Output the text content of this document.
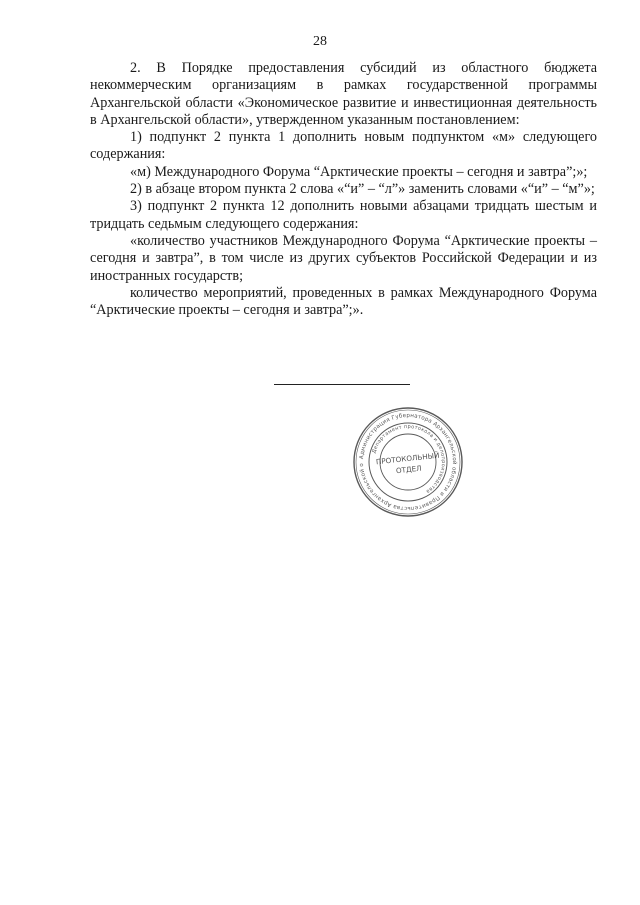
28

2. В Порядке предоставления субсидий из областного бюджета некоммерческим организациям в рамках государственной программы Архангельской области «Экономическое развитие и инвестиционная деятельность в Архангельской области», утвержденном указанным постановлением:

1) подпункт 2 пункта 1 дополнить новым подпунктом «м» следующего содержания:

«м) Международного Форума “Арктические проекты – сегодня и завтра”;»;

2) в абзаце втором пункта 2 слова «“и” – “л”» заменить словами «“и” – “м”»;

3) подпункт 2 пункта 12 дополнить новыми абзацами тридцать шестым и тридцать седьмым следующего содержания:

«количество участников Международного Форума “Арктические проекты – сегодня и завтра”, в том числе из других субъектов Российской Федерации и из иностранных государств;

количество мероприятий, проведенных в рамках Международного Форума “Арктические проекты – сегодня и завтра”;».

Администрация Губернатора Архангельской области и Правительства Архангельской о
Департамент протокола и делопроизводства
ПРОТОКОЛЬНЫЙ
ОТДЕЛ
